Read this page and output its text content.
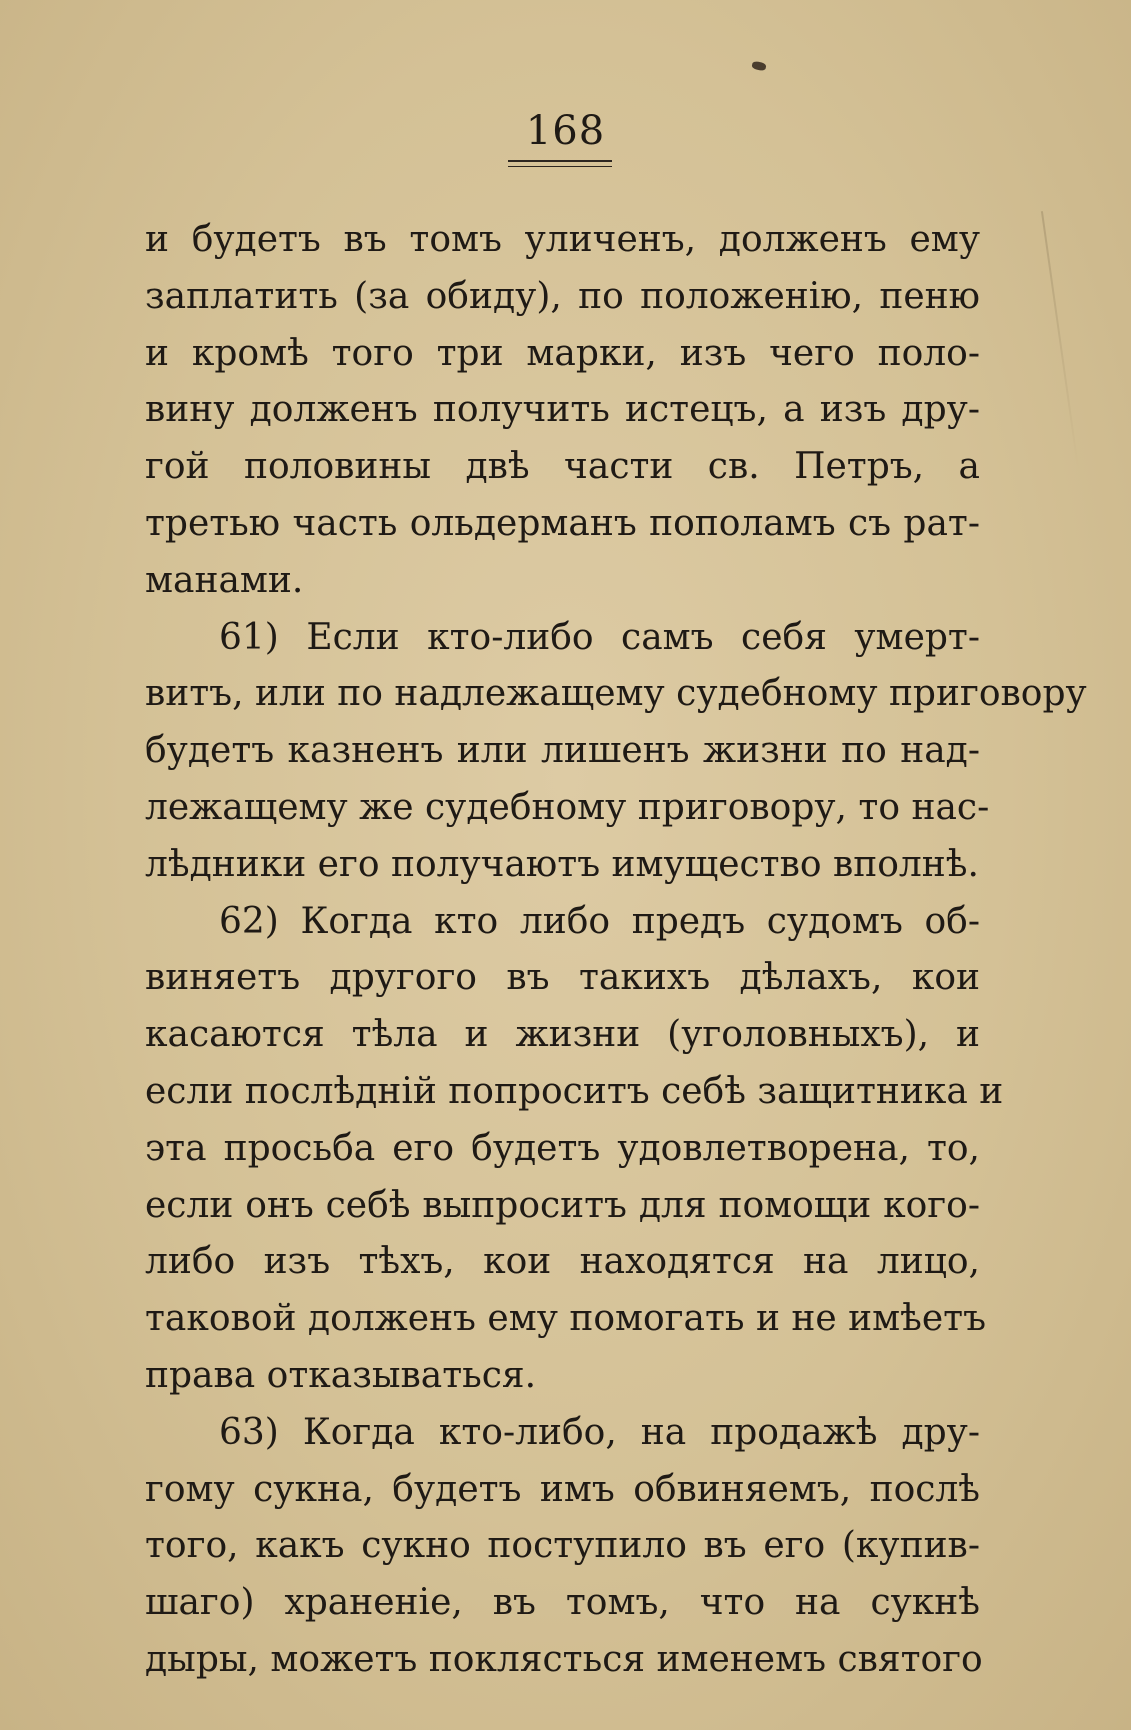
168
и будетъ въ томъ уличенъ, долженъ ему
заплатить (за обиду), по положенію, пеню
и кромѣ того три марки, изъ чего поло-
вину долженъ получить истецъ, а изъ дру-
гой половины двѣ части св. Петръ, а
третью часть ольдерманъ пополамъ съ рат-
манами.
61) Если кто-либо самъ себя умерт-
витъ, или по надлежащему судебному приговору
будетъ казненъ или лишенъ жизни по над-
лежащему же судебному приговору, то нас-
лѣдники его получаютъ имущество вполнѣ.
62) Когда кто либо предъ судомъ об-
виняетъ другого въ такихъ дѣлахъ, кои
касаются тѣла и жизни (уголовныхъ), и
если послѣдній попроситъ себѣ защитника и
эта просьба его будетъ удовлетворена, то,
если онъ себѣ выпроситъ для помощи кого-
либо изъ тѣхъ, кои находятся на лицо,
таковой долженъ ему помогать и не имѣетъ
права отказываться.
63) Когда кто-либо, на продажѣ дру-
гому сукна, будетъ имъ обвиняемъ, послѣ
того, какъ сукно поступило въ его (купив-
шаго) храненіе, въ томъ, что на сукнѣ
дыры, можетъ поклясться именемъ святого
